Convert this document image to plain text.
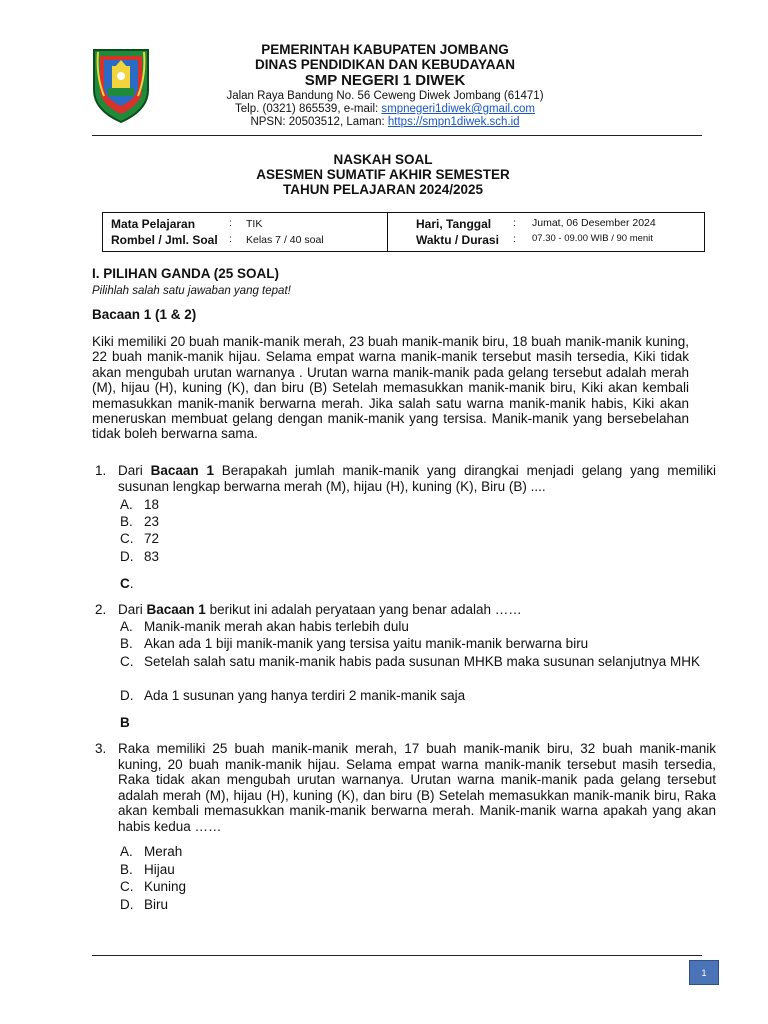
PEMERINTAH KABUPATEN JOMBANG
DINAS PENDIDIKAN DAN KEBUDAYAAN
SMP NEGERI 1 DIWEK
Jalan Raya Bandung No. 56 Ceweng Diwek Jombang (61471)
Telp. (0321) 865539, e-mail: smpnegeri1diwek@gmail.com
NPSN: 20503512, Laman: https://smpn1diwek.sch.id
NASKAH SOAL
ASESMEN SUMATIF AKHIR SEMESTER
TAHUN PELAJARAN 2024/2025
Mata Pelajaran	: TIK
Rombel / Jml. Soal : Kelas 7 / 40 soal
Hari, Tanggal : Jumat, 06 Desember 2024
Waktu / Durasi : 07.30 - 09.00 WIB / 90 menit
I. PILIHAN GANDA (25 SOAL)
Pilihlah salah satu jawaban yang tepat!
Bacaan 1 (1 & 2)
Kiki memiliki 20 buah manik-manik merah, 23 buah manik-manik biru, 18 buah manik-manik kuning, 22 buah manik-manik hijau. Selama empat warna manik-manik tersebut masih tersedia, Kiki tidak akan mengubah urutan warnanya . Urutan warna manik-manik pada gelang tersebut adalah merah (M), hijau (H), kuning (K), dan biru (B) Setelah memasukkan manik-manik biru, Kiki akan kembali memasukkan manik-manik berwarna merah. Jika salah satu warna manik-manik habis, Kiki akan meneruskan membuat gelang dengan manik-manik yang tersisa. Manik-manik yang bersebelahan tidak boleh berwarna sama.
1. Dari Bacaan 1 Berapakah jumlah manik-manik yang dirangkai menjadi gelang yang memiliki susunan lengkap berwarna merah (M), hijau (H), kuning (K), Biru (B) ....
A. 18
B. 23
C. 72
D. 83
C.
2. Dari Bacaan 1 berikut ini adalah peryataan yang benar adalah ……
A. Manik-manik merah akan habis terlebih dulu
B. Akan ada 1 biji manik-manik yang tersisa yaitu manik-manik berwarna biru
C. Setelah salah satu manik-manik habis pada susunan MHKB maka susunan selanjutnya MHK
D. Ada 1 susunan yang hanya terdiri 2 manik-manik saja
B
3. Raka memiliki 25 buah manik-manik merah, 17 buah manik-manik biru, 32 buah manik-manik kuning, 20 buah manik-manik hijau. Selama empat warna manik-manik tersebut masih tersedia, Raka tidak akan mengubah urutan warnanya. Urutan warna manik-manik pada gelang tersebut adalah merah (M), hijau (H), kuning (K), dan biru (B) Setelah memasukkan manik-manik biru, Raka akan kembali memasukkan manik-manik berwarna merah. Manik-manik warna apakah yang akan habis kedua ……
A. Merah
B. Hijau
C. Kuning
D. Biru
1
